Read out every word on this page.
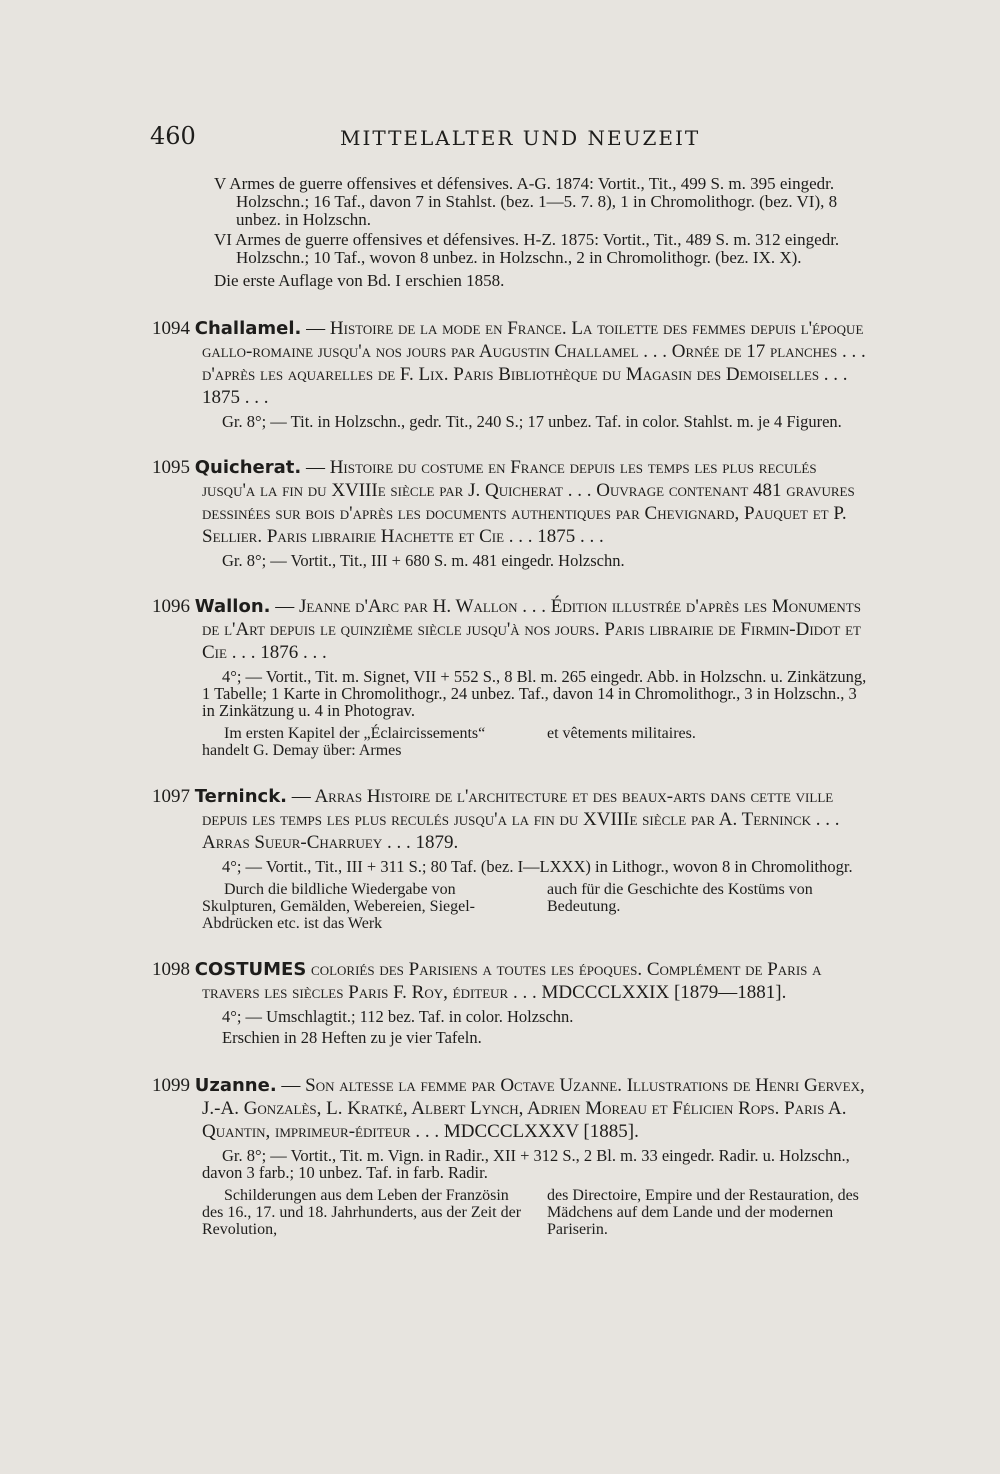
460	MITTELALTER UND NEUZEIT

V Armes de guerre offensives et défensives. A-G. 1874: Vortit., Tit., 499 S. m. 395 eingedr. Holzschn.; 16 Taf., davon 7 in Stahlst. (bez. 1—5. 7. 8), 1 in Chromolithogr. (bez. VI), 8 unbez. in Holzschn.

VI Armes de guerre offensives et défensives. H-Z. 1875: Vortit., Tit., 489 S. m. 312 eingedr. Holzschn.; 10 Taf., wovon 8 unbez. in Holzschn., 2 in Chromolithogr. (bez. IX. X).

Die erste Auflage von Bd. I erschien 1858.
1094 Challamel. — Histoire de la mode en France. La toilette des femmes depuis l'époque gallo-romaine jusqu'a nos jours par Augustin Challamel . . . Ornée de 17 planches . . . d'après les aquarelles de F. Lix. Paris Bibliothèque du Magasin des Demoiselles . . . 1875 . . .
Gr. 8°; — Tit. in Holzschn., gedr. Tit., 240 S.; 17 unbez. Taf. in color. Stahlst. m. je 4 Figuren.
1095 Quicherat. — Histoire du costume en France depuis les temps les plus reculés jusqu'a la fin du XVIIIe siècle par J. Quicherat . . . Ouvrage contenant 481 gravures dessinées sur bois d'après les documents authentiques par Chevignard, Pauquet et P. Sellier. Paris librairie Hachette et Cie . . . 1875 . . .
Gr. 8°; — Vortit., Tit., III + 680 S. m. 481 eingedr. Holzschn.
1096 Wallon. — Jeanne d'Arc par H. Wallon . . . Édition illustrée d'après les Monuments de l'Art depuis le quinzième siècle jusqu'à nos jours. Paris librairie de Firmin-Didot et Cie . . . 1876 . . .
4°; — Vortit., Tit. m. Signet, VII + 552 S., 8 Bl. m. 265 eingedr. Abb. in Holzschn. u. Zinkätzung, 1 Tabelle; 1 Karte in Chromolithogr., 24 unbez. Taf., davon 14 in Chromolithogr., 3 in Holzschn., 3 in Zinkätzung u. 4 in Photograv.
Im ersten Kapitel der „Éclaircissements“ handelt G. Demay über: Armes
et vêtements militaires.
1097 Terninck. — Arras Histoire de l'architecture et des beaux-arts dans cette ville depuis les temps les plus reculés jusqu'a la fin du XVIIIe siècle par A. Terninck . . . Arras Sueur-Charruey . . . 1879.
4°; — Vortit., Tit., III + 311 S.; 80 Taf. (bez. I—LXXX) in Lithogr., wovon 8 in Chromolithogr.
Durch die bildliche Wiedergabe von Skulpturen, Gemälden, Webereien, Siegel-Abdrücken etc. ist das Werk
auch für die Geschichte des Kostüms von Bedeutung.
1098 COSTUMES coloriés des Parisiens a toutes les époques. Complément de Paris a travers les siècles Paris F. Roy, éditeur . . . MDCCCLXXIX [1879—1881].
4°; — Umschlagtit.; 112 bez. Taf. in color. Holzschn.
Erschien in 28 Heften zu je vier Tafeln.
1099 Uzanne. — Son altesse la femme par Octave Uzanne. Illustrations de Henri Gervex, J.-A. Gonzalès, L. Kratké, Albert Lynch, Adrien Moreau et Félicien Rops. Paris A. Quantin, imprimeur-éditeur . . . MDCCCLXXXV [1885].
Gr. 8°; — Vortit., Tit. m. Vign. in Radir., XII + 312 S., 2 Bl. m. 33 eingedr. Radir. u. Holzschn., davon 3 farb.; 10 unbez. Taf. in farb. Radir.
Schilderungen aus dem Leben der Französin des 16., 17. und 18. Jahrhunderts, aus der Zeit der Revolution,
des Directoire, Empire und der Restauration, des Mädchens auf dem Lande und der modernen Pariserin.
